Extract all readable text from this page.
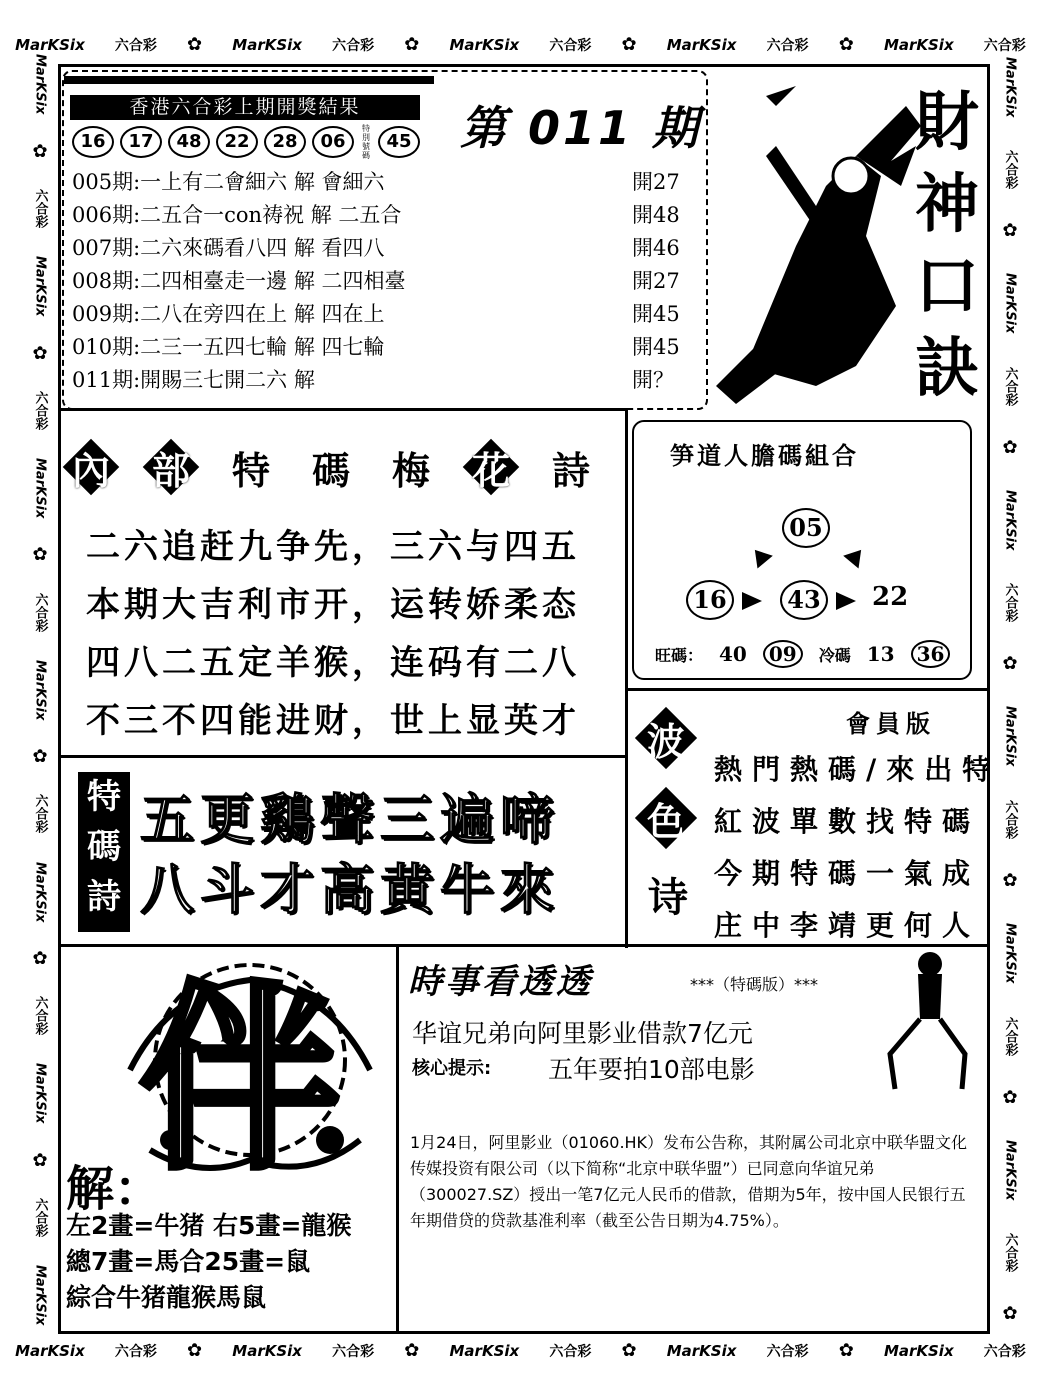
MarKSix 六合彩 ✿ MarKSix 六合彩 ✿ MarKSix 六合彩 ✿ MarKSix 六合彩 ✿ MarKSix 六合彩
MarKSix 六合彩 ✿ MarKSix 六合彩 ✿ MarKSix 六合彩 ✿ MarKSix 六合彩 ✿ MarKSix 六合彩
MarKSix
✿
六合彩
MarKSix
✿
六合彩
MarKSix
✿
六合彩
MarKSix
✿
六合彩
MarKSix
✿
六合彩
MarKSix
✿
六合彩
MarKSix
MarKSix
六合彩
✿
MarKSix
六合彩
✿
MarKSix
六合彩
✿
MarKSix
六合彩
✿
MarKSix
六合彩
✿
MarKSix
六合彩
✿
香港六合彩上期開獎結果
16	17	48	22	28	06
特別號碼
45 第 011 期
005期:一上有二會細六 解 會細六	開27
006期:二五合一con祷祝 解 二五合	開48
007期:二六來碼看八四 解 看四八	開46
008期:二四相臺走一邊 解 二四相臺	開27
009期:二八在旁四在上 解 四在上	開45
010期:二三一五四七輪 解 四七輪	開45
011期:開賜三七開二六 解	開？
財
神
口
訣
內 部 特 碼 梅 花 詩
二六追赶九争先，三六与四五
本期大吉利市开，运转娇柔态
四八二五定羊猴，连码有二八
不三不四能进财，世上显英才
笋道人膽碼組合
05
16	43 22
旺碼： 40	09	冷碼 13	36
會員版
波
色
诗
熱門熱碼/來出特
紅波單數找特碼
今期特碼一氣成
庄中李靖更何人
特
碼
詩
五更鷄聲三遍啼
八斗才高黄牛來
伴
解：
左2畫=牛猪 右5畫=龍猴
總7畫=馬合25畫=鼠
綜合牛猪龍猴馬鼠
時事看透透	***（特碼版）***
华谊兄弟向阿里影业借款7亿元
核心提示: 五年要拍10部电影
1月24日，阿里影业（01060.HK）发布公告称，其附属公司北京中联华盟文化传媒投资有限公司（以下简称“北京中联华盟”）已同意向华谊兄弟（300027.SZ）授出一笔7亿元人民币的借款，借期为5年，按中国人民银行五年期借贷的贷款基准利率（截至公告日期为4.75%）。
